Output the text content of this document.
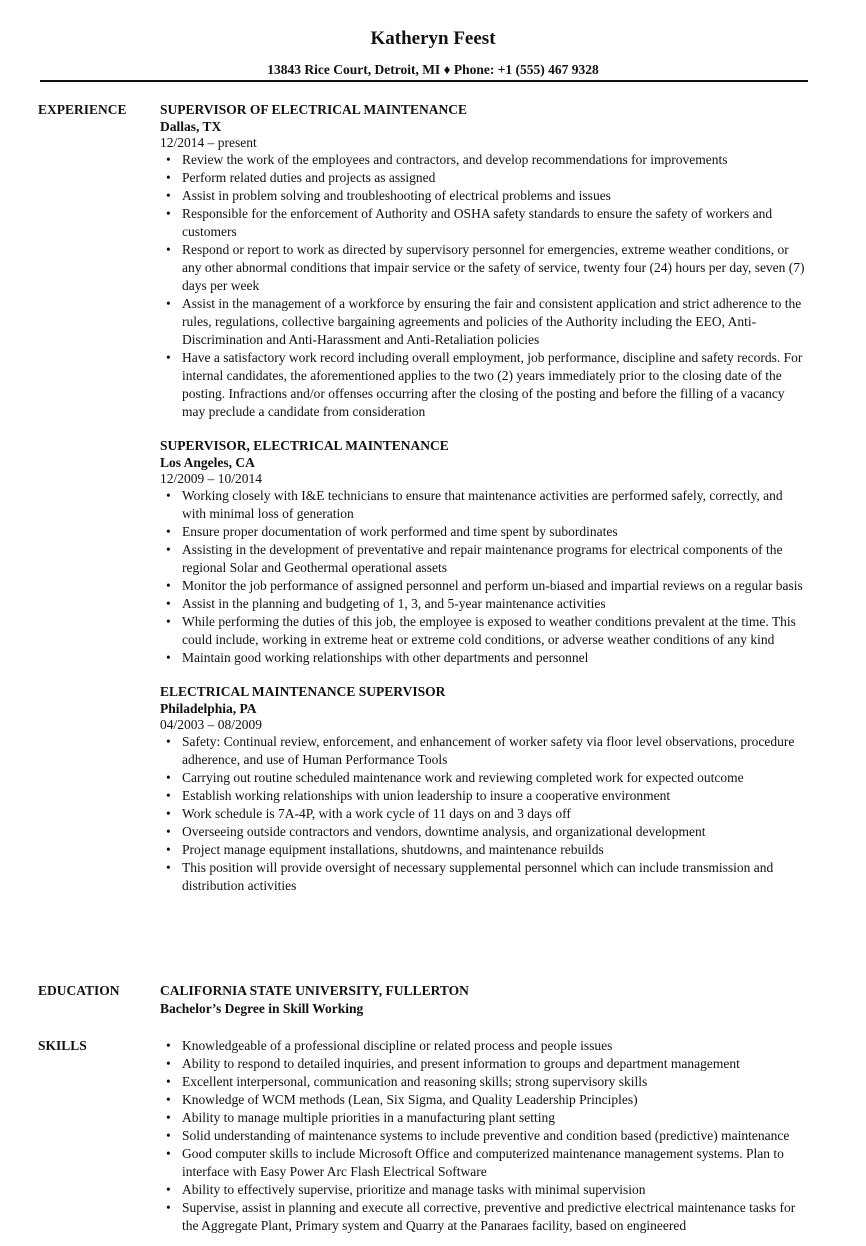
Katheryn Feest
13843 Rice Court, Detroit, MI ♦ Phone: +1 (555) 467 9328
EXPERIENCE SUPERVISOR OF ELECTRICAL MAINTENANCE
Dallas, TX
12/2014 – present
• Review the work of the employees and contractors, and develop recommendations for improvements
• Perform related duties and projects as assigned
• Assist in problem solving and troubleshooting of electrical problems and issues
• Responsible for the enforcement of Authority and OSHA safety standards to ensure the safety of workers and customers
• Respond or report to work as directed by supervisory personnel for emergencies, extreme weather conditions, or any other abnormal conditions that impair service or the safety of service, twenty four (24) hours per day, seven (7) days per week
• Assist in the management of a workforce by ensuring the fair and consistent application and strict adherence to the rules, regulations, collective bargaining agreements and policies of the Authority including the EEO, Anti-Discrimination and Anti-Harassment and Anti-Retaliation policies
• Have a satisfactory work record including overall employment, job performance, discipline and safety records. For internal candidates, the aforementioned applies to the two (2) years immediately prior to the closing date of the posting. Infractions and/or offenses occurring after the closing of the posting and before the filling of a vacancy may preclude a candidate from consideration
SUPERVISOR, ELECTRICAL MAINTENANCE
Los Angeles, CA
12/2009 – 10/2014
• Working closely with I&E technicians to ensure that maintenance activities are performed safely, correctly, and with minimal loss of generation
• Ensure proper documentation of work performed and time spent by subordinates
• Assisting in the development of preventative and repair maintenance programs for electrical components of the regional Solar and Geothermal operational assets
• Monitor the job performance of assigned personnel and perform un-biased and impartial reviews on a regular basis
• Assist in the planning and budgeting of 1, 3, and 5-year maintenance activities
• While performing the duties of this job, the employee is exposed to weather conditions prevalent at the time. This could include, working in extreme heat or extreme cold conditions, or adverse weather conditions of any kind
• Maintain good working relationships with other departments and personnel
ELECTRICAL MAINTENANCE SUPERVISOR
Philadelphia, PA
04/2003 – 08/2009
• Safety: Continual review, enforcement, and enhancement of worker safety via floor level observations, procedure adherence, and use of Human Performance Tools
• Carrying out routine scheduled maintenance work and reviewing completed work for expected outcome
• Establish working relationships with union leadership to insure a cooperative environment
• Work schedule is 7A-4P, with a work cycle of 11 days on and 3 days off
• Overseeing outside contractors and vendors, downtime analysis, and organizational development
• Project manage equipment installations, shutdowns, and maintenance rebuilds
• This position will provide oversight of necessary supplemental personnel which can include transmission and distribution activities
EDUCATION	CALIFORNIA STATE UNIVERSITY, FULLERTON
Bachelor’s Degree in Skill Working
SKILLS
•	Knowledgeable of a professional discipline or related process and people issues
• Ability to respond to detailed inquiries, and present information to groups and department management
• Excellent interpersonal, communication and reasoning skills; strong supervisory skills
• Knowledge of WCM methods (Lean, Six Sigma, and Quality Leadership Principles)
• Ability to manage multiple priorities in a manufacturing plant setting
• Solid understanding of maintenance systems to include preventive and condition based (predictive) maintenance
• Good computer skills to include Microsoft Office and computerized maintenance management systems. Plan to interface with Easy Power Arc Flash Electrical Software
• Ability to effectively supervise, prioritize and manage tasks with minimal supervision
• Supervise, assist in planning and execute all corrective, preventive and predictive electrical maintenance tasks for the Aggregate Plant, Primary system and Quarry at the Panaraes facility, based on engineered
